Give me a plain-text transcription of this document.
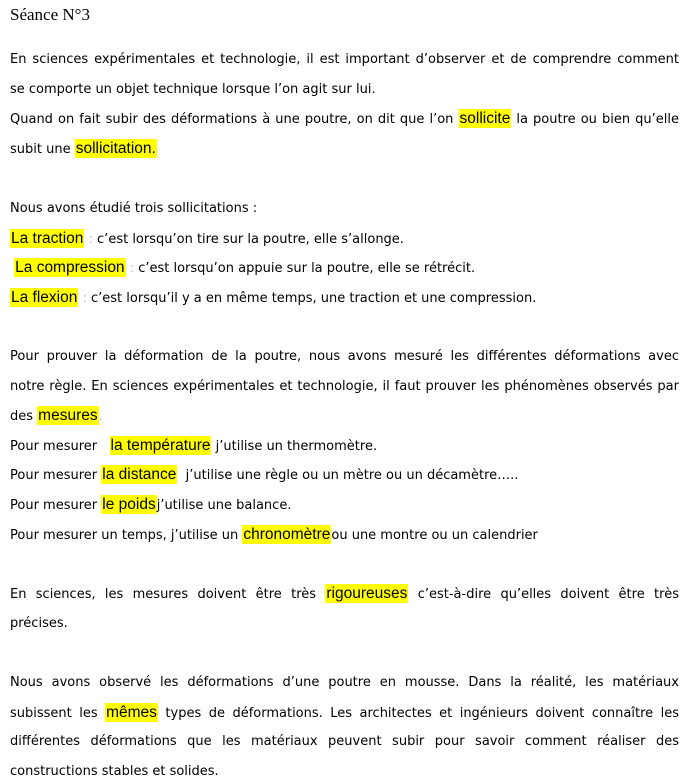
Séance N°3
En sciences expérimentales et technologie, il est important d’observer et de comprendre comment
se comporte un objet technique lorsque l’on agit sur lui.
Quand on fait subir des déformations à une poutre, on dit que l’on sollicite la poutre ou bien qu’elle
subit une sollicitation.
Nous avons étudié trois sollicitations :
La traction : c’est lorsqu’on tire sur la poutre, elle s’allonge.
La compression : c’est lorsqu’on appuie sur la poutre, elle se rétrécit.
La flexion : c’est lorsqu’il y a en même temps, une traction et une compression.
Pour prouver la déformation de la poutre, nous avons mesuré les différentes déformations avec
notre règle. En sciences expérimentales et technologie, il faut prouver les phénomènes observés par
des mesures.
Pour mesurer la température j’utilise un thermomètre.
Pour mesurer la distance j’utilise une règle ou un mètre ou un décamètre…..
Pour mesurer le poidsj’utilise une balance.
Pour mesurer un temps, j’utilise un chronomètreou une montre ou un calendrier
En sciences, les mesures doivent être très rigoureuses c’est-à-dire qu’elles doivent être très
précises.
Nous avons observé les déformations d’une poutre en mousse. Dans la réalité, les matériaux
subissent les mêmes types de déformations. Les architectes et ingénieurs doivent connaître les
différentes déformations que les matériaux peuvent subir pour savoir comment réaliser des
constructions stables et solides.
